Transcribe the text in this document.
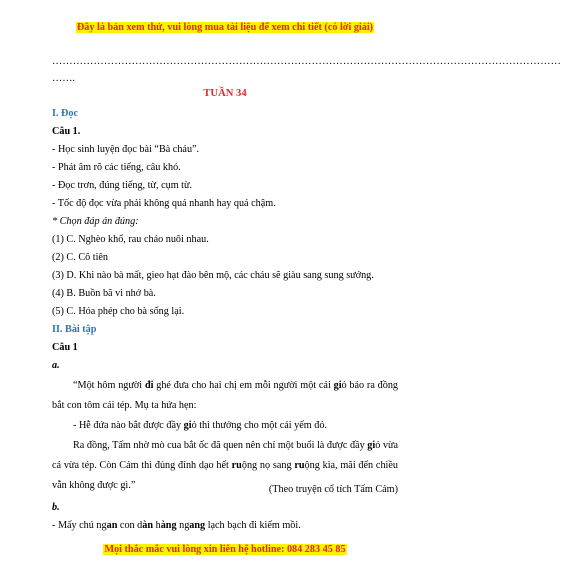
Đây là bản xem thử, vui lòng mua tài liệu để xem chi tiết (có lời giải)
…………………………………………………………………………………………………………………………………
…….
TUẦN 34
I. Đọc
Câu 1.
- Học sinh luyện đọc bài “Bà cháu”.
- Phát âm rõ các tiếng, câu khó.
- Đọc trơn, đúng tiếng, từ, cụm từ.
- Tốc độ đọc vừa phải không quá nhanh hay quá chậm.
* Chọn đáp án đúng:
(1) C. Nghèo khổ, rau cháo nuôi nhau.
(2) C. Cô tiên
(3) D. Khi nào bà mất, gieo hạt đào bên mộ, các cháu sẽ giàu sang sung sướng.
(4) B. Buồn bã vì nhớ bà.
(5) C. Hóa phép cho bà sống lại.
II. Bài tập
Câu 1
a.
“Một hôm người đi ghé đưa cho hai chị em mỗi người một cái giỏ báo ra đồng bắt con tôm cái tép. Mụ ta hứa hẹn:
- Hễ đứa nào bắt được đầy giỏ thì thưởng cho một cái yếm đỏ.
Ra đồng, Tấm nhờ mò cua bắt ốc đã quen nên chỉ một buổi là được đầy giỏ vừa cá vừa tép. Còn Cám thì đủng đỉnh dạo hết ruộng nọ sang ruộng kia, mãi đến chiều vẫn không được gì.”	(Theo truyện cổ tích Tấm Cám)
b.
- Mấy chú ngan con dàn hàng ngang lạch bạch đi kiếm mồi.
Mọi thắc mắc vui lòng xin liên hệ hotline: 084 283 45 85
